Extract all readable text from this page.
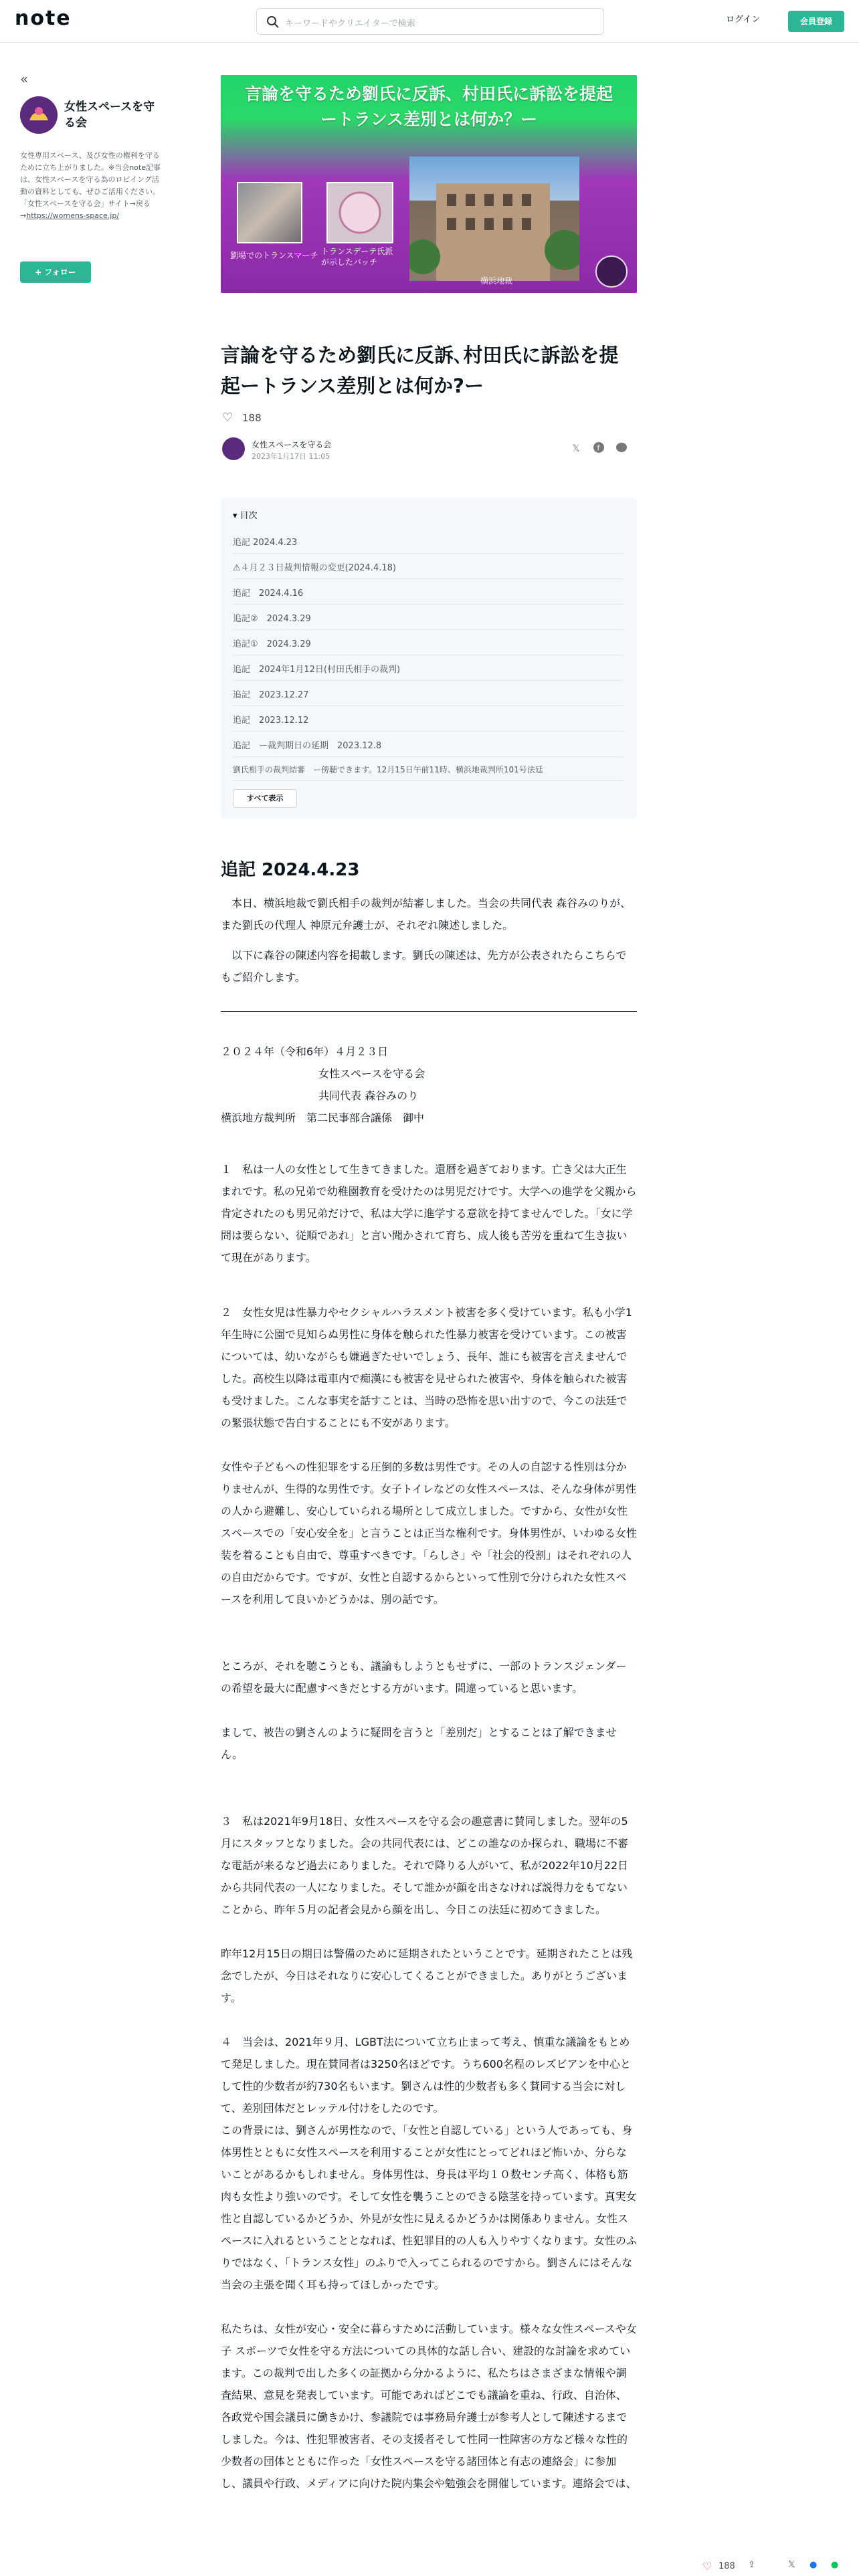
note	キーワードやクリエイターで検索	ログイン	会員登録
«
女性スペースを守る会
女性専用スペース、及び女性の権利を守るために立ち上がりました。※当会note記事は、女性スペースを守る為のロビイング活動の資料としても、ぜひご活用ください。「女性スペースを守る会」サイト→戻る→https://womens-space.jp/
+ フォロー
言論を守るため劉氏に反訴、村田氏に訴訟を提起
ートランス差別とは何か？ー
劉場でのトランスマーチ トランスデーテ氏派
が示したバッチ
横浜地裁
言論を守るため劉氏に反訴､村田氏に訴訟を提起ートランス差別とは何か?ー
♡ 188
女性スペースを守る会
2023年1月17日 11:05
𝕏	f
▾ 目次
追記 2024.4.23
⚠４月２３日裁判情報の変更(2024.4.18)
追記　2024.4.16
追記②　2024.3.29
追記①　2024.3.29
追記　2024年1月12日(村田氏相手の裁判)
追記　2023.12.27
追記　2023.12.12
追記　ー裁判期日の延期　2023.12.8
劉氏相手の裁判結審　ー傍聴できます。12月15日午前11時、横浜地裁判所101号法廷
すべて表示
追記 2024.4.23

　本日、横浜地裁で劉氏相手の裁判が結審しました。当会の共同代表 森谷みのりが、また劉氏の代理人 神原元弁護士が、それぞれ陳述しました。

　以下に森谷の陳述内容を掲載します。劉氏の陳述は、先方が公表されたらこちらでもご紹介します。

２０２４年（令和6年）４月２３日

女性スペースを守る会

共同代表 森谷みのり

横浜地方裁判所　第二民事部合議係　御中

１　私は一人の女性として生きてきました。還暦を過ぎております。亡き父は大正生まれです。私の兄弟で幼稚園教育を受けたのは男児だけです。大学への進学を父親から肯定されたのも男兄弟だけで、私は大学に進学する意欲を持てませんでした。「女に学問は要らない、従順であれ」と言い聞かされて育ち、成人後も苦労を重ねて生き抜いて現在があります。

２　女性女児は性暴力やセクシャルハラスメント被害を多く受けています。私も小学1年生時に公園で見知らぬ男性に身体を触られた性暴力被害を受けています。この被害については、幼いながらも嫌過ぎたせいでしょう、長年、誰にも被害を言えませんでした。高校生以降は電車内で痴漢にも被害を見せられた被害や、身体を触られた被害も受けました。こんな事実を話すことは、当時の恐怖を思い出すので、今この法廷での緊張状態で告白することにも不安があります。

女性や子どもへの性犯罪をする圧倒的多数は男性です。その人の自認する性別は分かりませんが、生得的な男性です。女子トイレなどの女性スペースは、そんな身体が男性の人から避難し、安心していられる場所として成立しました。ですから、女性が女性スペースでの「安心安全を」と言うことは正当な権利です。身体男性が、いわゆる女性装を着ることも自由で、尊重すべきです。「らしさ」や「社会的役割」はそれぞれの人の自由だからです。ですが、女性と自認するからといって性別で分けられた女性スペースを利用して良いかどうかは、別の話です。

ところが、それを聴こうとも、議論もしようともせずに、一部のトランスジェンダーの希望を最大に配慮すべきだとする方がいます。間違っていると思います。

まして、被告の劉さんのように疑問を言うと「差別だ」とすることは了解できません。

３　私は2021年9月18日、女性スペースを守る会の趣意書に賛同しました。翌年の5月にスタッフとなりました。会の共同代表には、どこの誰なのか探られ、職場に不審な電話が来るなど過去にありました。それで降りる人がいて、私が2022年10月22日から共同代表の一人になりました。そして誰かが顔を出さなければ説得力をもてないことから、昨年５月の記者会見から顔を出し、今日この法廷に初めてきました。

昨年12月15日の期日は警備のために延期されたということです。延期されたことは残念でしたが、今日はそれなりに安心してくることができました。ありがとうございます。

４　当会は、2021年９月、LGBT法について立ち止まって考え、慎重な議論をもとめて発足しました。現在賛同者は3250名ほどです。うち600名程のレズビアンを中心として性的少数者が約730名もいます。劉さんは性的少数者も多く賛同する当会に対して、差別団体だとレッテル付けをしたのです。

この背景には、劉さんが男性なので、「女性と自認している」という人であっても、身体男性とともに女性スペースを利用することが女性にとってどれほど怖いか、分らないことがあるかもしれません。身体男性は、身長は平均１０数センチ高く、体格も筋肉も女性より強いのです。そして女性を襲うことのできる陰茎を持っています。真実女性と自認しているかどうか、外見が女性に見えるかどうかは関係ありません。女性スペースに入れるということとなれば、性犯罪目的の人も入りやすくなります。女性のふりではなく、「トランス女性」のふりで入ってこられるのですから。劉さんにはそんな当会の主張を聞く耳も持ってほしかったです。

私たちは、女性が安心・安全に暮らすために活動しています。様々な女性スペースや女子 スポーツで女性を守る方法についての具体的な話し合い、建設的な討論を求めています。この裁判で出した多くの証拠から分かるように、私たちはさまざまな情報や調査結果、意見を発表しています。可能であればどこでも議論を重ね、行政、自治体、各政党や国会議員に働きかけ、参議院では事務局弁護士が参考人として陳述するまでしました。今は、性犯罪被害者、その支援者そして性同一性障害の方など様々な性的少数者の団体とともに作った「女性スペースを守る諸団体と有志の連絡会」に参加し、議員や行政、メディアに向けた院内集会や勉強会を開催しています。連絡会では、

♡ 188 ⇪	𝕏 ● ●
